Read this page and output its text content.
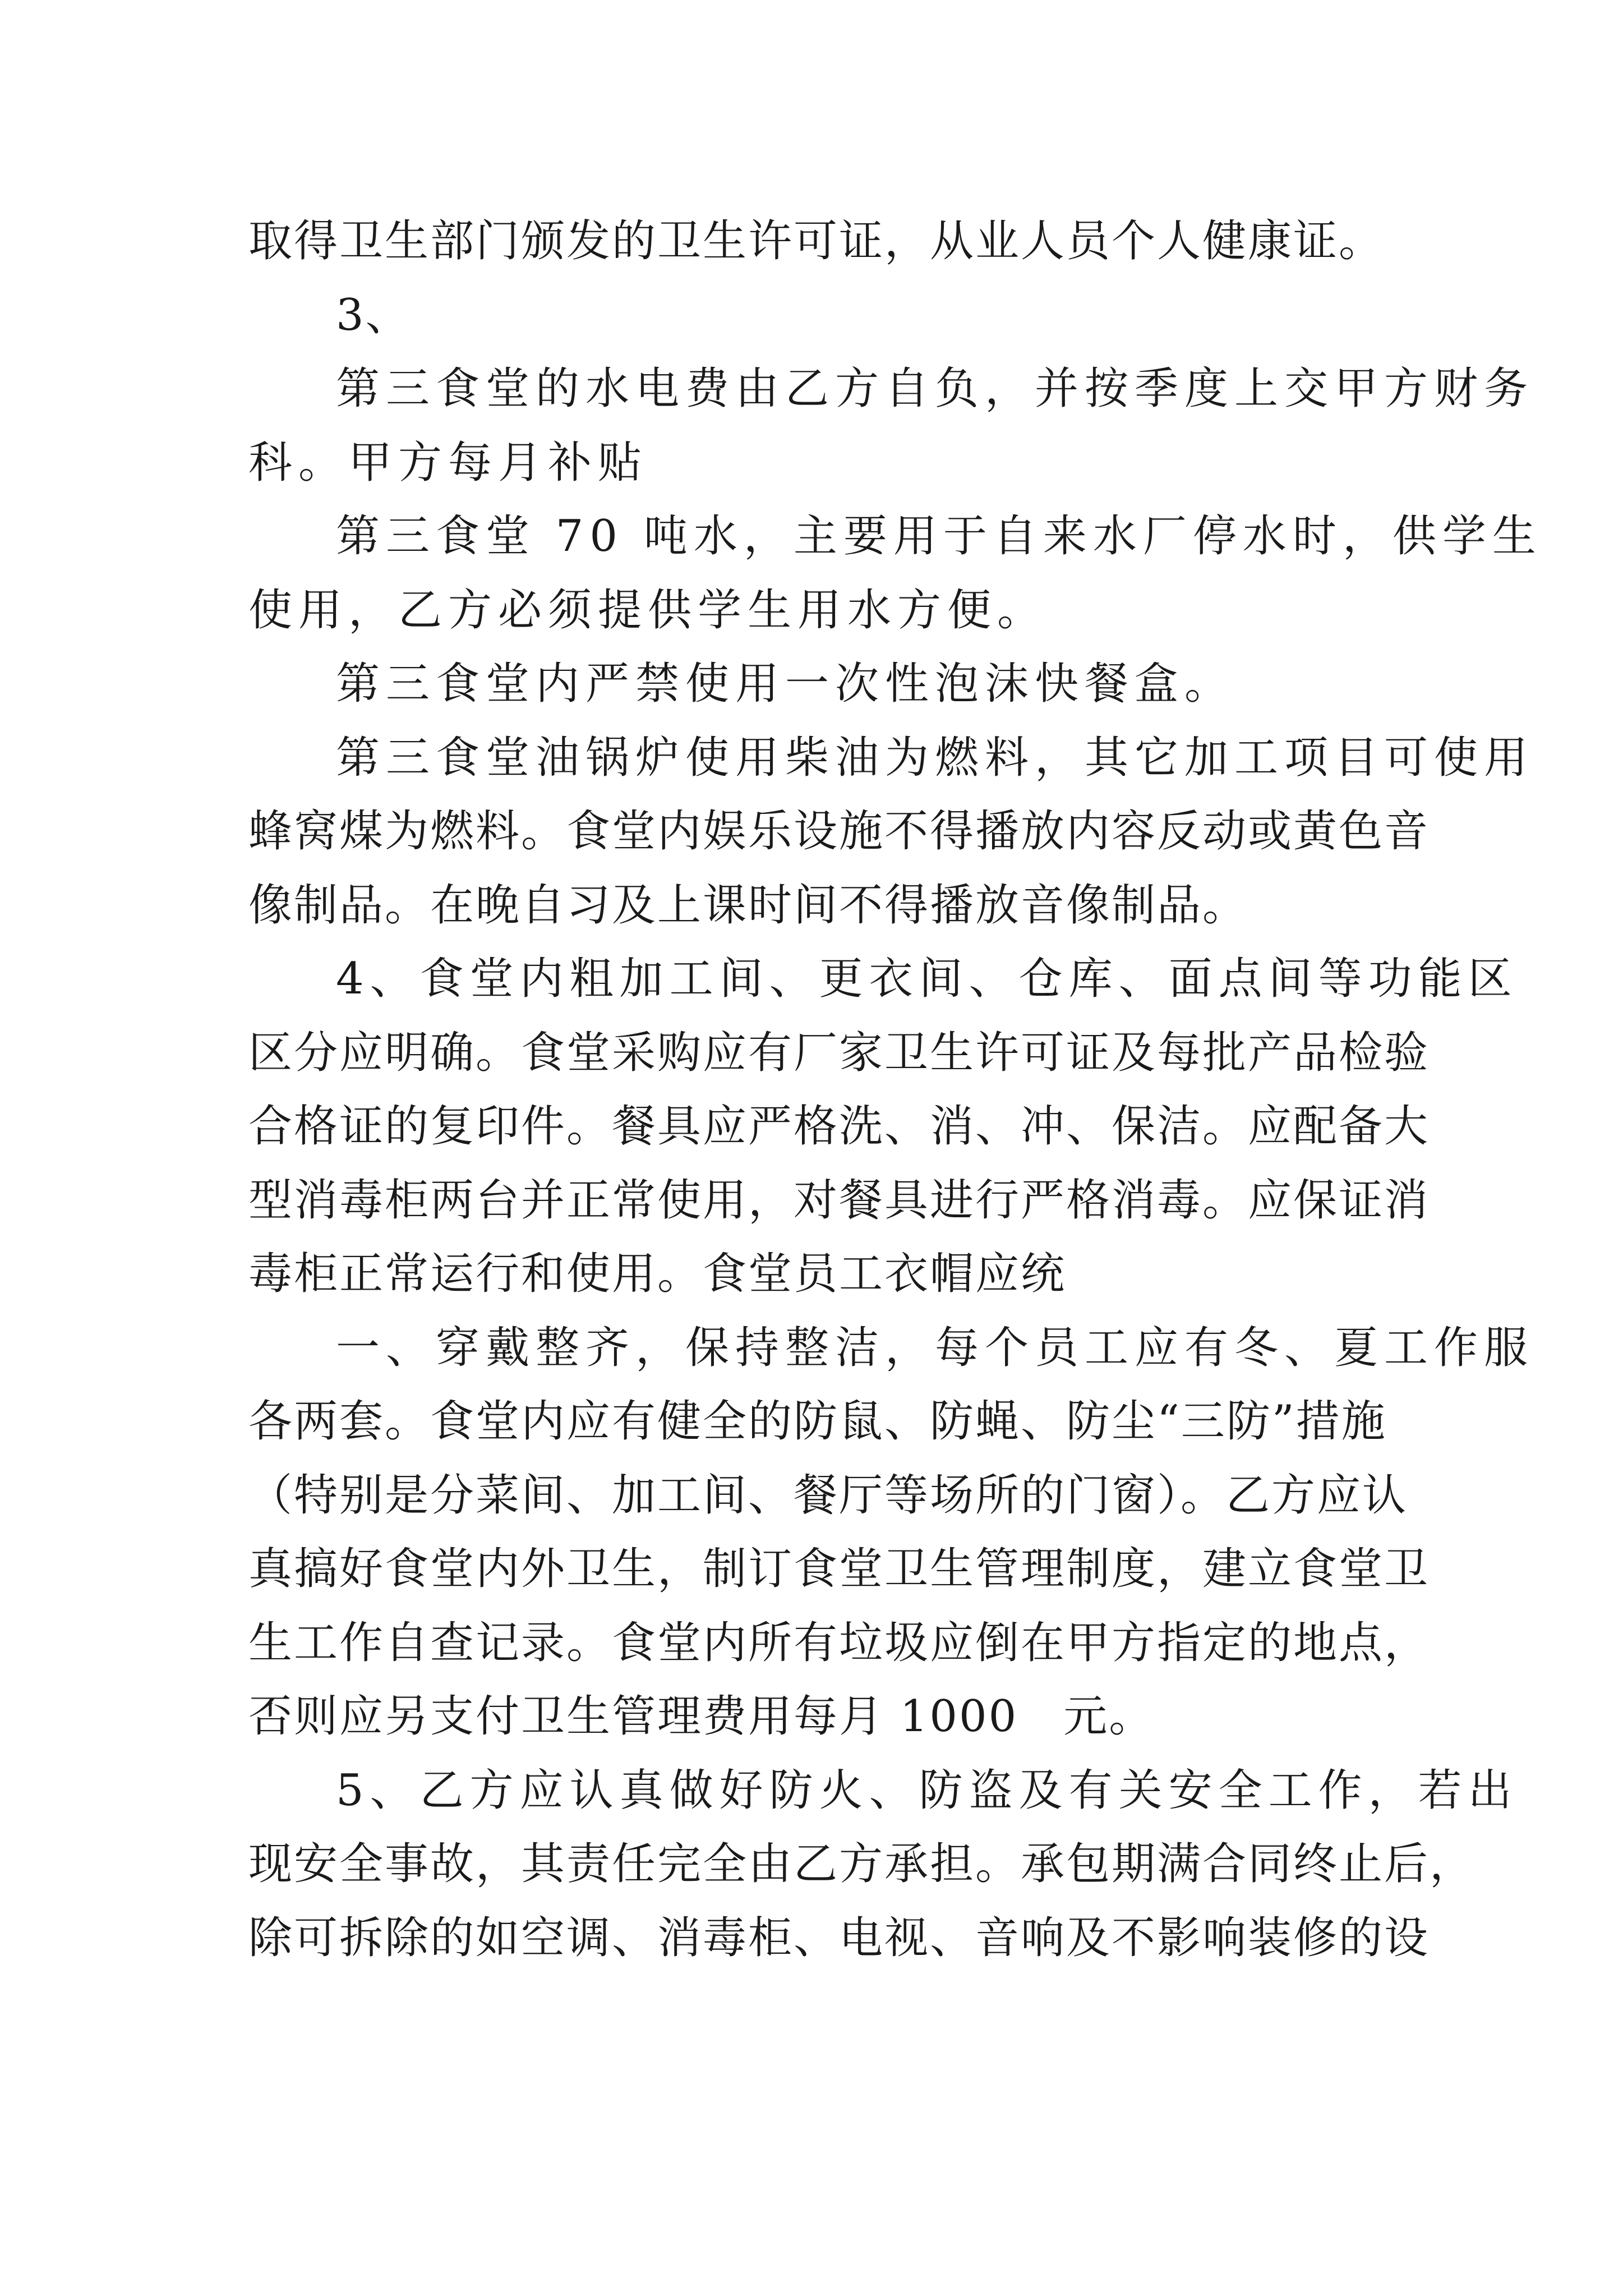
取得卫生部门颁发的卫生许可证，从业人员个人健康证。
3、
第三食堂的水电费由乙方自负，并按季度上交甲方财务
科。甲方每月补贴
第三食堂 70 吨水，主要用于自来水厂停水时，供学生
使用，乙方必须提供学生用水方便。
第三食堂内严禁使用一次性泡沫快餐盒。
第三食堂油锅炉使用柴油为燃料，其它加工项目可使用
蜂窝煤为燃料。食堂内娱乐设施不得播放内容反动或黄色音
像制品。在晚自习及上课时间不得播放音像制品。
4、食堂内粗加工间、更衣间、仓库、面点间等功能区
区分应明确。食堂采购应有厂家卫生许可证及每批产品检验
合格证的复印件。餐具应严格洗、消、冲、保洁。应配备大
型消毒柜两台并正常使用，对餐具进行严格消毒。应保证消
毒柜正常运行和使用。食堂员工衣帽应统
一、穿戴整齐，保持整洁，每个员工应有冬、夏工作服
各两套。食堂内应有健全的防鼠、防蝇、防尘“三防”措施
（特别是分菜间、加工间、餐厅等场所的门窗）。乙方应认
真搞好食堂内外卫生，制订食堂卫生管理制度，建立食堂卫
生工作自查记录。食堂内所有垃圾应倒在甲方指定的地点，
否则应另支付卫生管理费用每月 1000　元。
5、乙方应认真做好防火、防盗及有关安全工作，若出
现安全事故，其责任完全由乙方承担。承包期满合同终止后，
除可拆除的如空调、消毒柜、电视、音响及不影响装修的设
